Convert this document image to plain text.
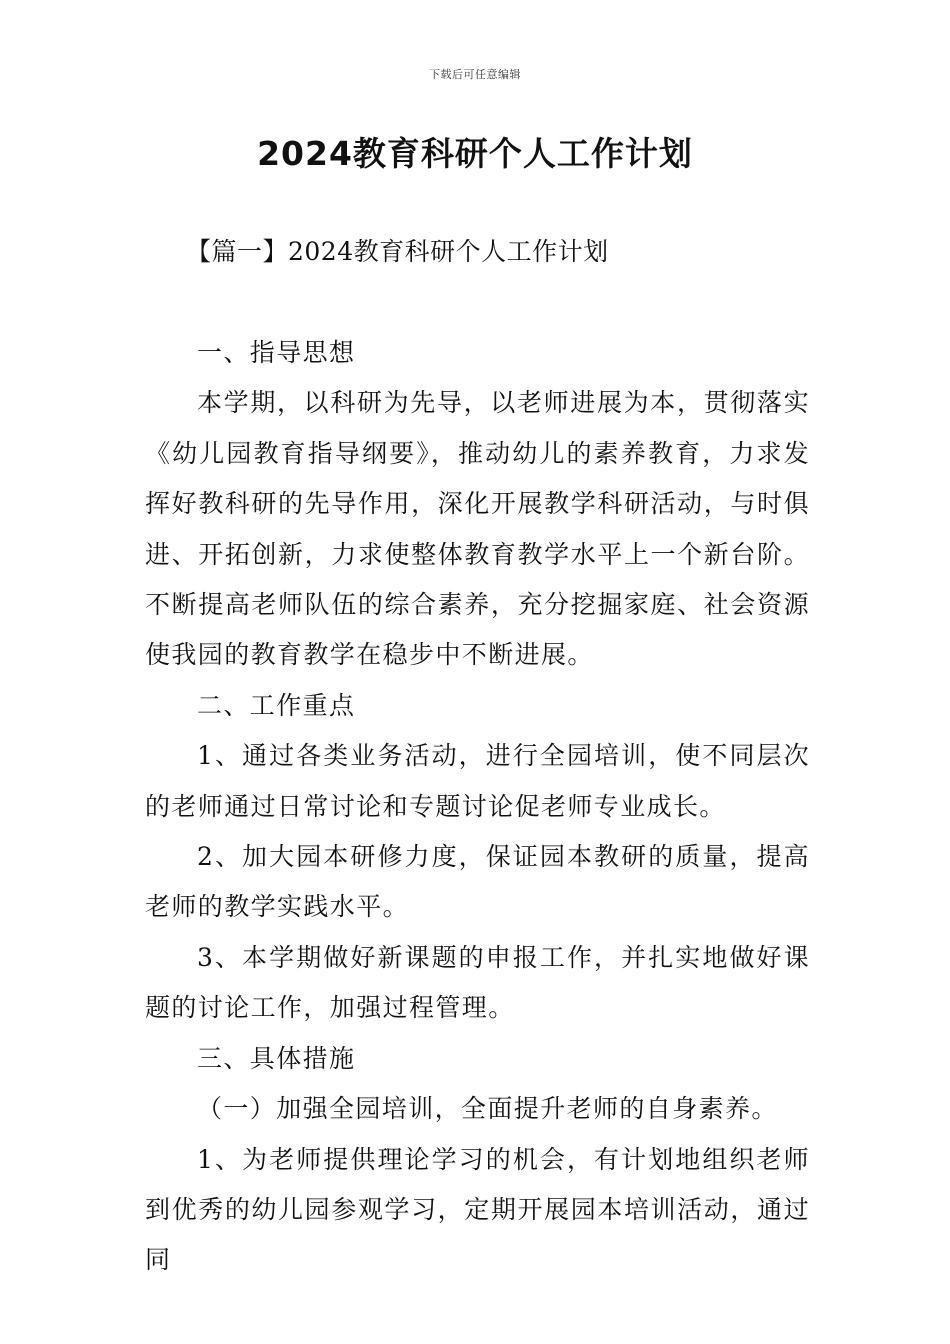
下载后可任意编辑
2024教育科研个人工作计划
【篇一】2024教育科研个人工作计划

一、指导思想

本学期，以科研为先导，以老师进展为本，贯彻落实《幼儿园教育指导纲要》，推动幼儿的素养教育，力求发挥好教科研的先导作用，深化开展教学科研活动，与时俱进、开拓创新，力求使整体教育教学水平上一个新台阶。不断提高老师队伍的综合素养，充分挖掘家庭、社会资源使我园的教育教学在稳步中不断进展。

二、工作重点

1、通过各类业务活动，进行全园培训，使不同层次的老师通过日常讨论和专题讨论促老师专业成长。

2、加大园本研修力度，保证园本教研的质量，提高老师的教学实践水平。

3、本学期做好新课题的申报工作，并扎实地做好课题的讨论工作，加强过程管理。

三、具体措施

（一）加强全园培训，全面提升老师的自身素养。

1、为老师提供理论学习的机会，有计划地组织老师到优秀的幼儿园参观学习，定期开展园本培训活动，通过同
